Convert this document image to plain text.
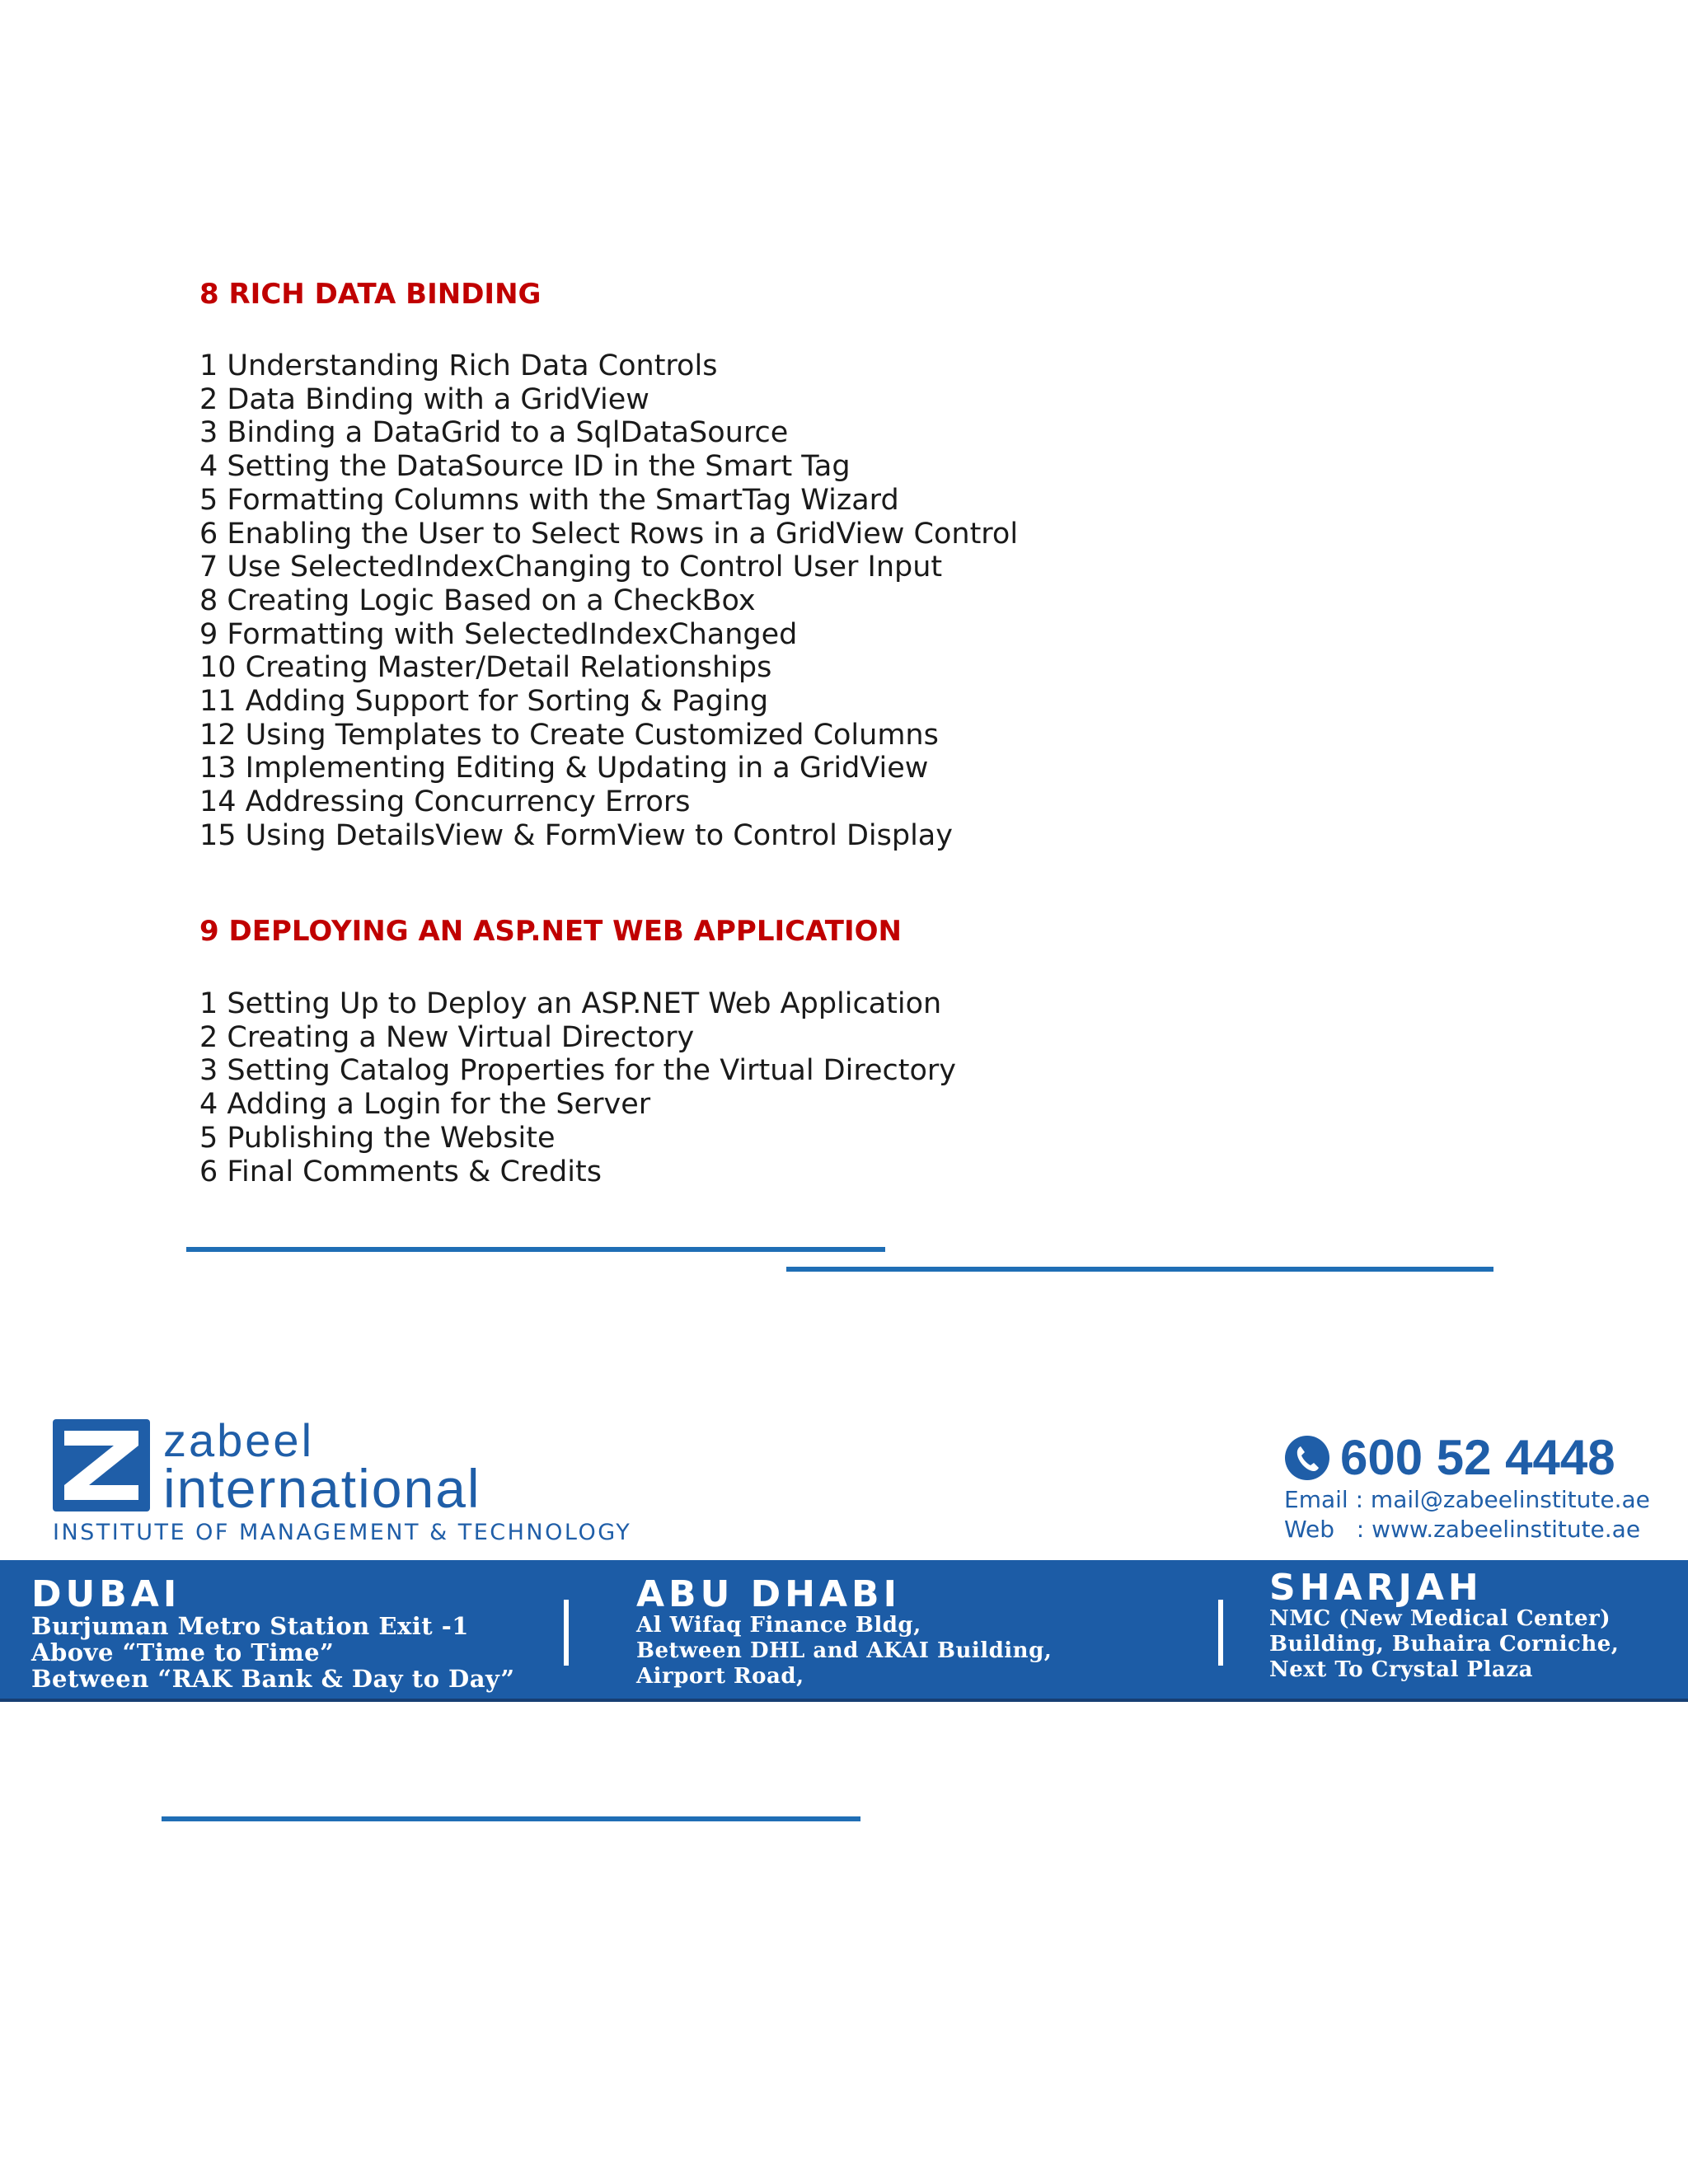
8 RICH DATA BINDING
1 Understanding Rich Data Controls
2 Data Binding with a GridView
3 Binding a DataGrid to a SqlDataSource
4 Setting the DataSource ID in the Smart Tag
5 Formatting Columns with the SmartTag Wizard
6 Enabling the User to Select Rows in a GridView Control
7 Use SelectedIndexChanging to Control User Input
8 Creating Logic Based on a CheckBox
9 Formatting with SelectedIndexChanged
10 Creating Master/Detail Relationships
11 Adding Support for Sorting & Paging
12 Using Templates to Create Customized Columns
13 Implementing Editing & Updating in a GridView
14 Addressing Concurrency Errors
15 Using DetailsView & FormView to Control Display
9 DEPLOYING AN ASP.NET WEB APPLICATION
1 Setting Up to Deploy an ASP.NET Web Application
2 Creating a New Virtual Directory
3 Setting Catalog Properties for the Virtual Directory
4 Adding a Login for the Server
5 Publishing the Website
6 Final Comments & Credits
zabeel
international
INSTITUTE OF MANAGEMENT & TECHNOLOGY
600 52 4448
Email : mail@zabeelinstitute.ae
Web   : www.zabeelinstitute.ae
DUBAI
Burjuman Metro Station Exit -1
Above “Time to Time”
Between “RAK Bank & Day to Day”
ABU DHABI
Al Wifaq Finance Bldg,
Between DHL and AKAI Building,
Airport Road,
SHARJAH
NMC (New Medical Center)
Building, Buhaira Corniche,
Next To Crystal Plaza
